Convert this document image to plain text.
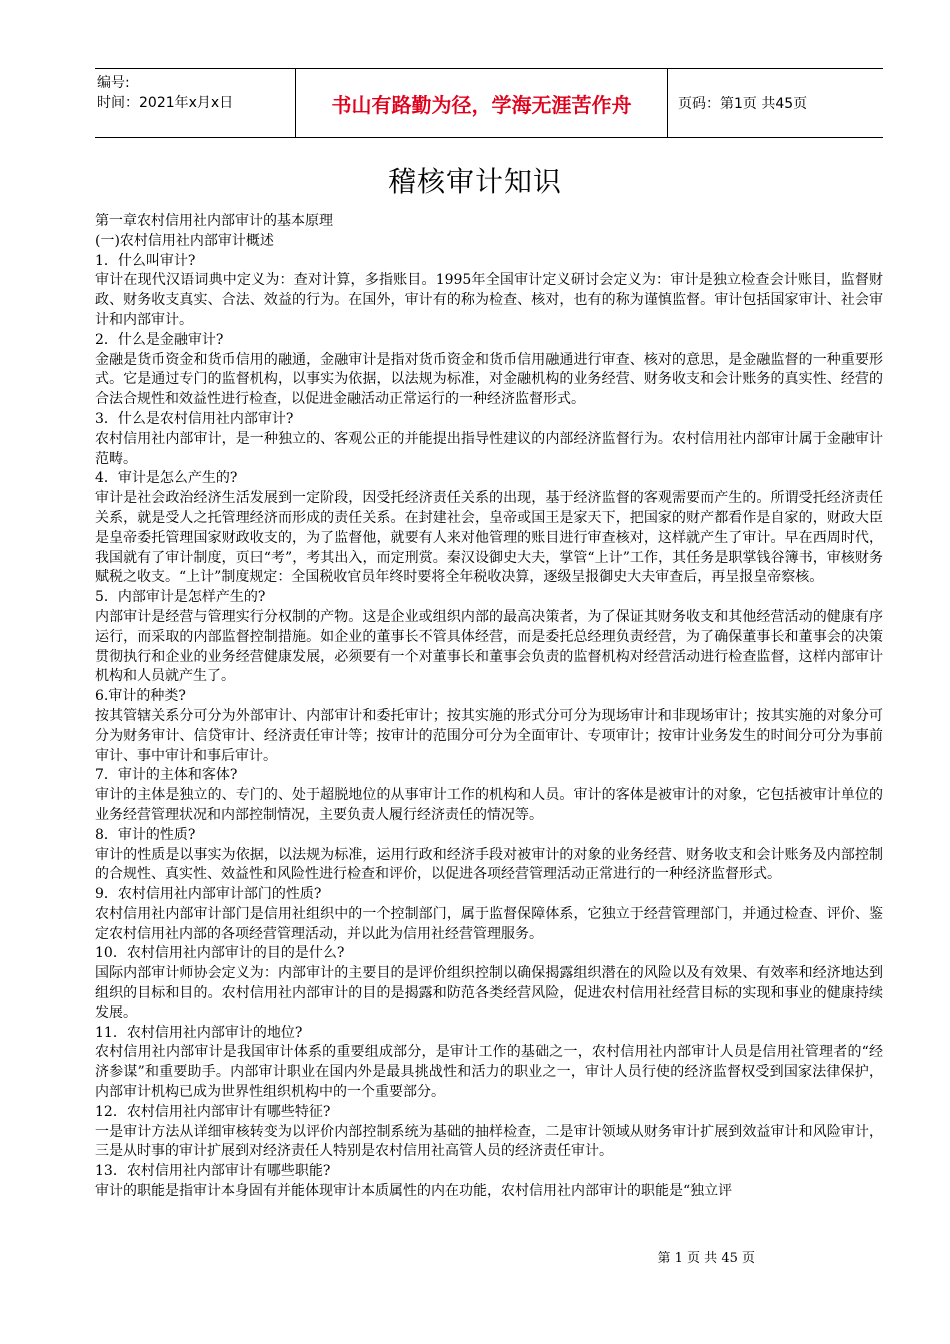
编号:
时间：2021年x月x日	书山有路勤为径，学海无涯苦作舟	页码：第1页 共45页
稽核审计知识

第一章农村信用社内部审计的基本原理

(一)农村信用社内部审计概述

1．什么叫审计?

审计在现代汉语词典中定义为：查对计算，多指账目。1995年全国审计定义研讨会定义为：审计是独立检查会计账目，监督财政、财务收支真实、合法、效益的行为。在国外，审计有的称为检查、核对，也有的称为谨慎监督。审计包括国家审计、社会审计和内部审计。

2．什么是金融审计?

金融是货币资金和货币信用的融通，金融审计是指对货币资金和货币信用融通进行审查、核对的意思，是金融监督的一种重要形式。它是通过专门的监督机构，以事实为依据，以法规为标准，对金融机构的业务经营、财务收支和会计账务的真实性、经营的合法合规性和效益性进行检查，以促进金融活动正常运行的一种经济监督形式。

3．什么是农村信用社内部审计?

农村信用社内部审计，是一种独立的、客观公正的并能提出指导性建议的内部经济监督行为。农村信用社内部审计属于金融审计范畴。

4．审计是怎么产生的?

审计是社会政治经济生活发展到一定阶段，因受托经济责任关系的出现，基于经济监督的客观需要而产生的。所谓受托经济责任关系，就是受人之托管理经济而形成的责任关系。在封建社会，皇帝或国王是家天下，把国家的财产都看作是自家的，财政大臣是皇帝委托管理国家财政收支的，为了监督他，就要有人来对他管理的账目进行审查核对，这样就产生了审计。早在西周时代，我国就有了审计制度，页曰“考”，考其出入，而定刑赏。秦汉设御史大夫，掌管“上计”工作，其任务是职掌钱谷簿书，审核财务赋税之收支。“上计”制度规定：全国税收官员年终时要将全年税收决算，逐级呈报御史大夫审查后，再呈报皇帝察核。

5．内部审计是怎样产生的?

内部审计是经营与管理实行分权制的产物。这是企业或组织内部的最高决策者，为了保证其财务收支和其他经营活动的健康有序运行，而采取的内部监督控制措施。如企业的董事长不管具体经营，而是委托总经理负责经营，为了确保董事长和董事会的决策贯彻执行和企业的业务经营健康发展，必须要有一个对董事长和董事会负责的监督机构对经营活动进行检查监督，这样内部审计机构和人员就产生了。

6.审计的种类?

按其管辖关系分可分为外部审计、内部审计和委托审计；按其实施的形式分可分为现场审计和非现场审计；按其实施的对象分可分为财务审计、信贷审计、经济责任审计等；按审计的范围分可分为全面审计、专项审计；按审计业务发生的时间分可分为事前审计、事中审计和事后审计。

7．审计的主体和客体?

审计的主体是独立的、专门的、处于超脱地位的从事审计工作的机构和人员。审计的客体是被审计的对象，它包括被审计单位的业务经营管理状况和内部控制情况，主要负责人履行经济责任的情况等。

8．审计的性质?

审计的性质是以事实为依据，以法规为标准，运用行政和经济手段对被审计的对象的业务经营、财务收支和会计账务及内部控制的合规性、真实性、效益性和风险性进行检查和评价，以促进各项经营管理活动正常进行的一种经济监督形式。

9．农村信用社内部审计部门的性质?

农村信用社内部审计部门是信用社组织中的一个控制部门，属于监督保障体系，它独立于经营管理部门，并通过检查、评价、鉴定农村信用社内部的各项经营管理活动，并以此为信用社经营管理服务。

10．农村信用社内部审计的目的是什么?

国际内部审计师协会定义为：内部审计的主要目的是评价组织控制以确保揭露组织潜在的风险以及有效果、有效率和经济地达到组织的目标和目的。农村信用社内部审计的目的是揭露和防范各类经营风险，促进农村信用社经营目标的实现和事业的健康持续发展。

11．农村信用社内部审计的地位?

农村信用社内部审计是我国审计体系的重要组成部分，是审计工作的基础之一，农村信用社内部审计人员是信用社管理者的“经济参谋”和重要助手。内部审计职业在国内外是最具挑战性和活力的职业之一，审计人员行使的经济监督权受到国家法律保护，内部审计机构已成为世界性组织机构中的一个重要部分。

12．农村信用社内部审计有哪些特征?

一是审计方法从详细审核转变为以评价内部控制系统为基础的抽样检查，二是审计领域从财务审计扩展到效益审计和风险审计，三是从时事的审计扩展到对经济责任人特别是农村信用社高管人员的经济责任审计。

13．农村信用社内部审计有哪些职能?

审计的职能是指审计本身固有并能体现审计本质属性的内在功能，农村信用社内部审计的职能是“独立评

第 1 页 共 45 页
